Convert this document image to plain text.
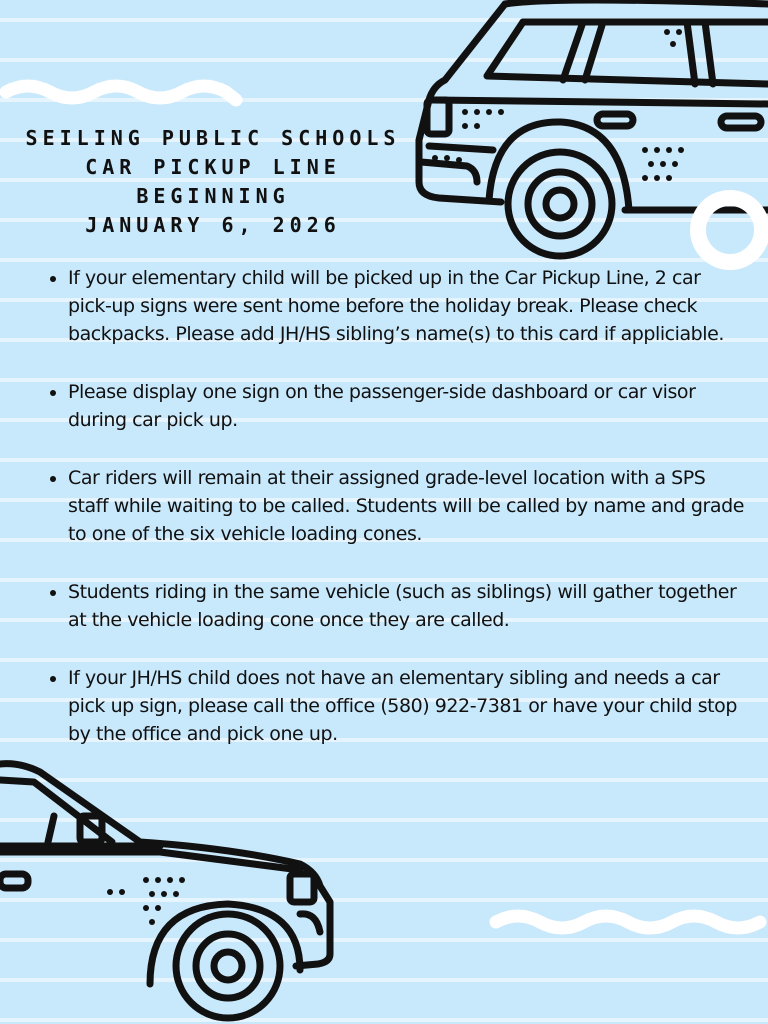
SEILING PUBLIC SCHOOLS
CAR PICKUP LINE
BEGINNING
JANUARY 6, 2026
If your elementary child will be picked up in the Car Pickup Line, 2 car pick-up signs were sent home before the holiday break. Please check backpacks. Please add JH/HS sibling’s name(s) to this card if appliciable.
Please display one sign on the passenger-side dashboard or car visor during car pick up.
Car riders will remain at their assigned grade-level location with a SPS staff while waiting to be called. Students will be called by name and grade to one of the six vehicle loading cones.
Students riding in the same vehicle (such as siblings) will gather together at the vehicle loading cone once they are called.
If your JH/HS child does not have an elementary sibling and needs a car pick up sign, please call the office (580) 922-7381 or have your child stop by the office and pick one up.
